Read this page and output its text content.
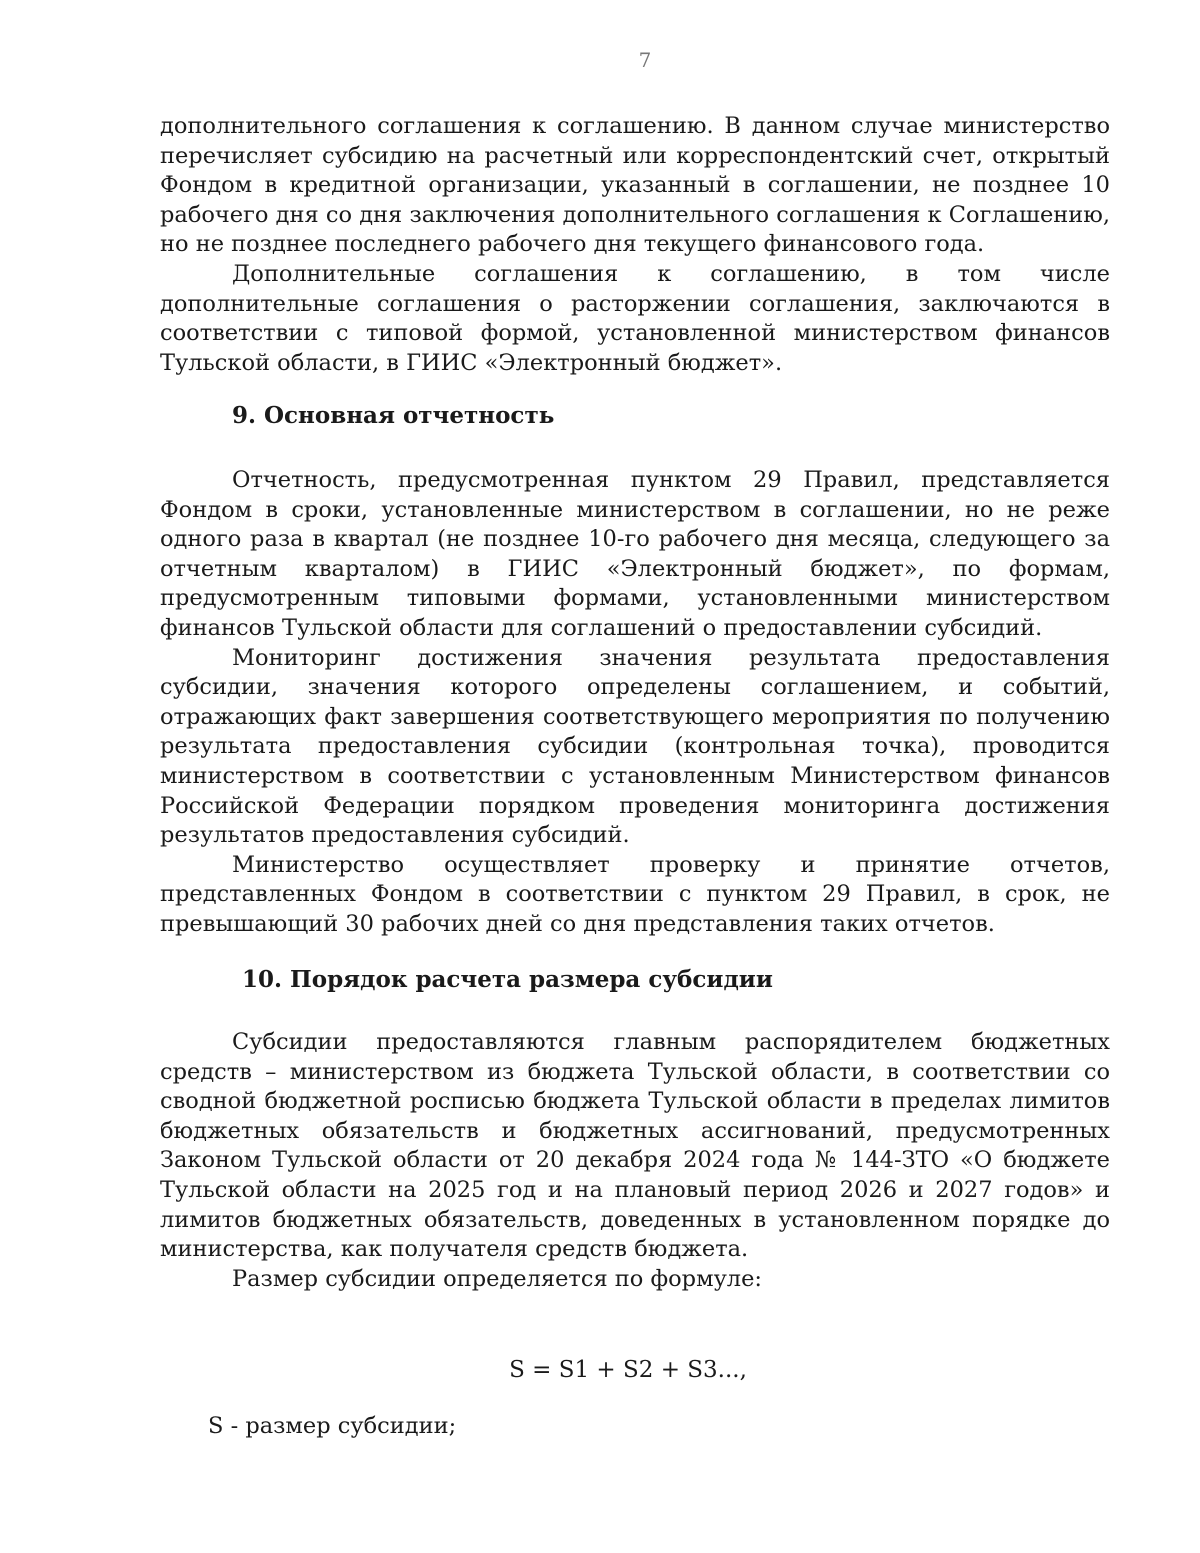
7

дополнительного соглашения к соглашению. В данном случае министерство перечисляет субсидию на расчетный или корреспондентский счет, открытый Фондом в кредитной организации, указанный в соглашении, не позднее 10 рабочего дня со дня заключения дополнительного соглашения к Соглашению, но не позднее последнего рабочего дня текущего финансового года.

Дополнительные соглашения к соглашению, в том числе дополнительные соглашения о расторжении соглашения, заключаются в соответствии с типовой формой, установленной министерством финансов Тульской области, в ГИИС «Электронный бюджет».

9. Основная отчетность

Отчетность, предусмотренная пунктом 29 Правил, представляется Фондом в сроки, установленные министерством в соглашении, но не реже одного раза в квартал (не позднее 10-го рабочего дня месяца, следующего за отчетным кварталом) в ГИИС «Электронный бюджет», по формам, предусмотренным типовыми формами, установленными министерством финансов Тульской области для соглашений о предоставлении субсидий.

Мониторинг достижения значения результата предоставления субсидии, значения которого определены соглашением, и событий, отражающих факт завершения соответствующего мероприятия по получению результата предоставления субсидии (контрольная точка), проводится министерством в соответствии с установленным Министерством финансов Российской Федерации порядком проведения мониторинга достижения результатов предоставления субсидий.

Министерство осуществляет проверку и принятие отчетов, представленных Фондом в соответствии с пунктом 29 Правил, в срок, не превышающий 30 рабочих дней со дня представления таких отчетов.

10. Порядок расчета размера субсидии

Субсидии предоставляются главным распорядителем бюджетных средств – министерством из бюджета Тульской области, в соответствии со сводной бюджетной росписью бюджета Тульской области в пределах лимитов бюджетных обязательств и бюджетных ассигнований, предусмотренных Законом Тульской области от 20 декабря 2024 года № 144-ЗТО «О бюджете Тульской области на 2025 год и на плановый период 2026 и 2027 годов» и лимитов бюджетных обязательств, доведенных в установленном порядке до министерства, как получателя средств бюджета.

Размер субсидии определяется по формуле:

S = S1 + S2 + S3...,
S - размер субсидии;
